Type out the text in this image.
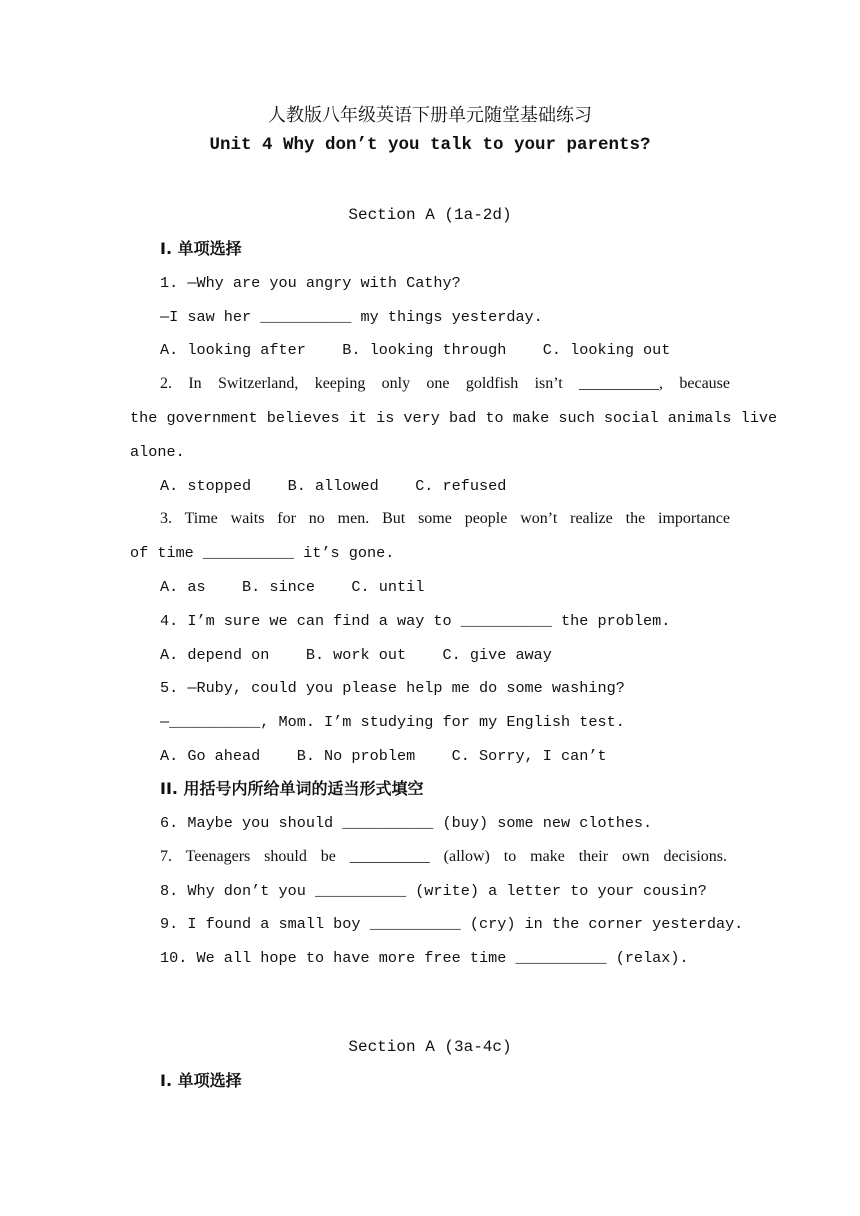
人教版八年级英语下册单元随堂基础练习
Unit 4 Why don’t you talk to your parents?
Section A (1a-2d)
I. 单项选择
1. —Why are you angry with Cathy?
—I saw her __________ my things yesterday.
A. looking after    B. looking through    C. looking out
2. In Switzerland, keeping only one goldfish isn’t __________, because
the government believes it is very bad to make such social animals live
alone.
A. stopped    B. allowed    C. refused
3. Time waits for no men. But some people won’t realize the importance
of time __________ it’s gone.
A. as    B. since    C. until
4. I’m sure we can find a way to __________ the problem.
A. depend on    B. work out    C. give away
5. —Ruby, could you please help me do some washing?
—__________, Mom. I’m studying for my English test.
A. Go ahead    B. No problem    C. Sorry, I can’t
II. 用括号内所给单词的适当形式填空
6. Maybe you should __________ (buy) some new clothes.
7. Teenagers should be __________ (allow) to make their own decisions.
8. Why don’t you __________ (write) a letter to your cousin?
9. I found a small boy __________ (cry) in the corner yesterday.
10. We all hope to have more free time __________ (relax).
Section A (3a-4c)
I. 单项选择
